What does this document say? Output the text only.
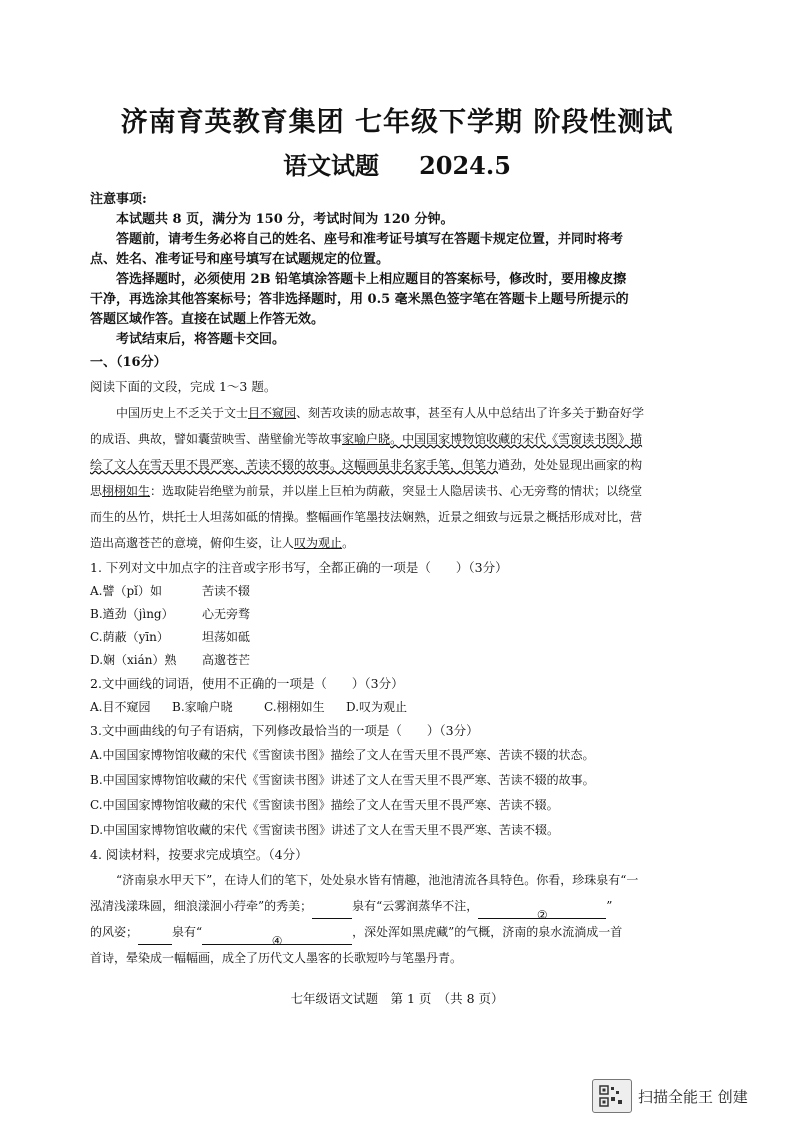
济南育英教育集团 七年级下学期 阶段性测试
语文试题 2024.5
注意事项:
本试题共 8 页，满分为 150 分，考试时间为 120 分钟。
答题前，请考生务必将自己的姓名、座号和准考证号填写在答题卡规定位置，并同时将考
点、姓名、准考证号和座号填写在试题规定的位置。
答选择题时，必须使用 2B 铅笔填涂答题卡上相应题目的答案标号，修改时，要用橡皮擦
干净，再选涂其他答案标号；答非选择题时，用 0.5 毫米黑色签字笔在答题卡上题号所提示的
答题区域作答。直接在试题上作答无效。
考试结束后，将答题卡交回。
一、（16分）
阅读下面的文段，完成 1～3 题。
中国历史上不乏关于文士目不窥园、刻苦攻读的励志故事，甚至有人从中总结出了许多关于勤奋好学
的成语、典故，譬如囊萤映雪、凿壁偷光等故事家喻户晓。中国国家博物馆收藏的宋代《雪窗读书图》描
绘了文人在雪天里不畏严寒、苦读不辍的故事。这幅画虽非名家手笔，但笔力遒劲，处处显现出画家的构
思栩栩如生：选取陡岩绝壁为前景，并以崖上巨柏为荫蔽，突显士人隐居读书、心无旁骛的情状；以绕堂
而生的丛竹，烘托士人坦荡如砥的情操。整幅画作笔墨技法娴熟，近景之细致与远景之概括形成对比，营
造出高邈苍芒的意境，俯仰生姿，让人叹为观止。
1. 下列对文中加点字的注音或字形书写，全都正确的一项是（　　）（3分）
A.譬（pǐ）如	苦读不辍
B.遒劲（jìng） 心无旁骛
C.荫蔽（yīn）	坦荡如砥
D.娴（xián）熟 高邈苍芒
2.文中画线的词语，使用不正确的一项是（　　）（3分）
A.目不窥园 B.家喻户晓	C.栩栩如生 D.叹为观止
3.文中画曲线的句子有语病，下列修改最恰当的一项是（　　）（3分）
A.中国国家博物馆收藏的宋代《雪窗读书图》描绘了文人在雪天里不畏严寒、苦读不辍的状态。
B.中国国家博物馆收藏的宋代《雪窗读书图》讲述了文人在雪天里不畏严寒、苦读不辍的故事。
C.中国国家博物馆收藏的宋代《雪窗读书图》描绘了文人在雪天里不畏严寒、苦读不辍。
D.中国国家博物馆收藏的宋代《雪窗读书图》讲述了文人在雪天里不畏严寒、苦读不辍。
4. 阅读材料，按要求完成填空。（4分）
“济南泉水甲天下”，在诗人们的笔下，处处泉水皆有情趣，池池清流各具特色。你看，珍珠泉有“一
泓清浅漾珠圆，细浪漾洄小荇牵”的秀美；	泉有“云雾润蒸华不注，②”
的风姿；	泉有“④，深处浑如黑虎藏”的气概，济南的泉水流淌成一首
首诗，晕染成一幅幅画，成全了历代文人墨客的长歌短吟与笔墨丹青。
七年级语文试题　第 1 页　（共 8 页）
扫描全能王 创建
